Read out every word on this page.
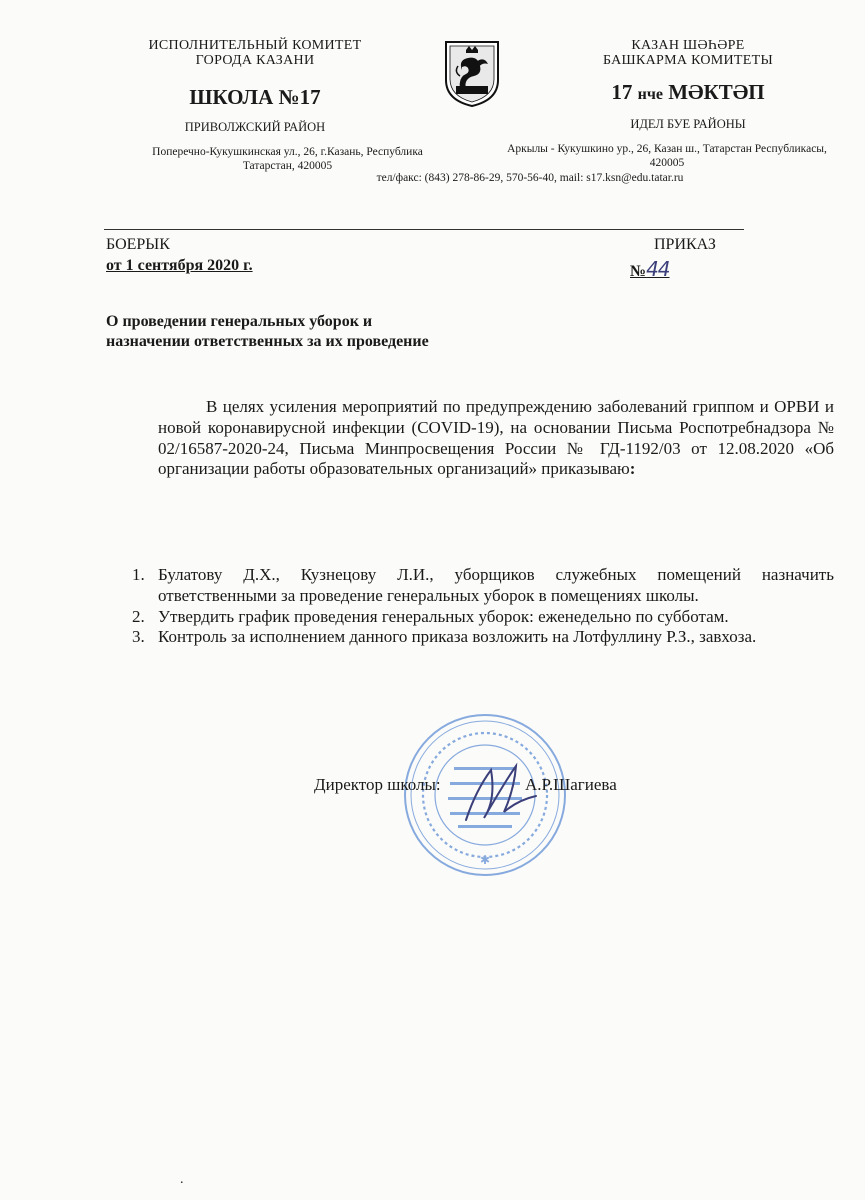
ИСПОЛНИТЕЛЬНЫЙ КОМИТЕТ
ГОРОДА КАЗАНИ
ШКОЛА №17
ПРИВОЛЖСКИЙ РАЙОН
Поперечно-Кукушкинская ул., 26, г.Казань, Республика
Татарстан, 420005
КАЗАН ШӘҺӘРЕ
БАШКАРМА КОМИТЕТЫ
17 нче МӘКТӘП
ИДЕЛ БУЕ РАЙОНЫ
Аркылы - Кукушкино ур., 26, Казан ш., Татарстан Республикасы,
420005
тел/факс: (843) 278-86-29, 570-56-40, mail: s17.ksn@edu.tatar.ru
БОЕРЫК
от 1 сентября 2020 г.
ПРИКАЗ
№44
О проведении генеральных уборок и
назначении ответственных за их проведение
В целях усиления мероприятий по предупреждению заболеваний гриппом и ОРВИ и новой коронавирусной инфекции (COVID-19), на основании Письма Роспотребнадзора № 02/16587-2020-24, Письма Минпросвещения России № ГД-1192/03 от 12.08.2020 «Об организации работы образовательных организаций» приказываю:
1. Булатову Д.Х., Кузнецову Л.И., уборщиков служебных помещений назначить ответственными за проведение генеральных уборок в помещениях школы.
2. Утвердить график проведения генеральных уборок: еженедельно по субботам.
3. Контроль за исполнением данного приказа возложить на Лотфуллину Р.З., завхоза.
✱
Директор школы:	А.Р.Шагиева
.
